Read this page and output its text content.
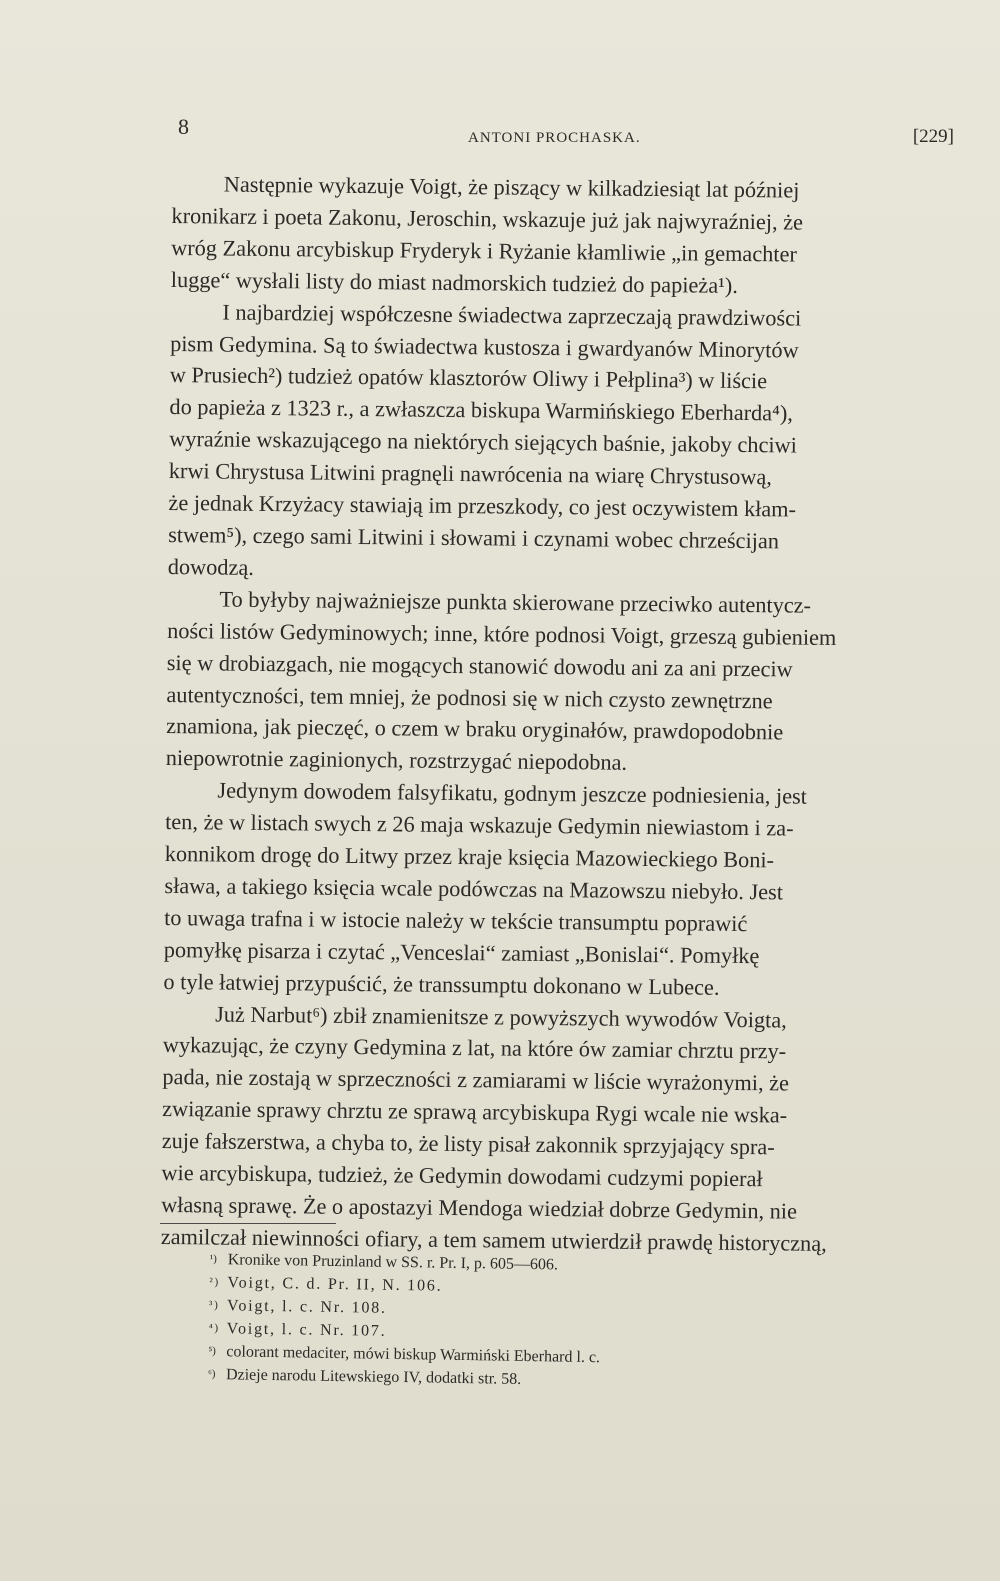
8	ANTONI PROCHASKA.	[229]

Następnie wykazuje Voigt, że piszący w kilkadziesiąt lat później
kronikarz i poeta Zakonu, Jeroschin, wskazuje już jak najwyraźniej, że
wróg Zakonu arcybiskup Fryderyk i Ryżanie kłamliwie „in gemachter
lugge“ wysłali listy do miast nadmorskich tudzież do papieża¹).

I najbardziej współczesne świadectwa zaprzeczają prawdziwości
pism Gedymina. Są to świadectwa kustosza i gwardyanów Minorytów
w Prusiech²) tudzież opatów klasztorów Oliwy i Pełplina³) w liście
do papieża z 1323 r., a zwłaszcza biskupa Warmińskiego Eberharda⁴),
wyraźnie wskazującego na niektórych siejących baśnie, jakoby chciwi
krwi Chrystusa Litwini pragnęli nawrócenia na wiarę Chrystusową,
że jednak Krzyżacy stawiają im przeszkody, co jest oczywistem kłam-
stwem⁵), czego sami Litwini i słowami i czynami wobec chrześcijan
dowodzą.

To byłyby najważniejsze punkta skierowane przeciwko autentycz-
ności listów Gedyminowych; inne, które podnosi Voigt, grzeszą gubieniem
się w drobiazgach, nie mogących stanowić dowodu ani za ani przeciw
autentyczności, tem mniej, że podnosi się w nich czysto zewnętrzne
znamiona, jak pieczęć, o czem w braku oryginałów, prawdopodobnie
niepowrotnie zaginionych, rozstrzygać niepodobna.

Jedynym dowodem falsyfikatu, godnym jeszcze podniesienia, jest
ten, że w listach swych z 26 maja wskazuje Gedymin niewiastom i za-
konnikom drogę do Litwy przez kraje księcia Mazowieckiego Boni-
sława, a takiego księcia wcale podówczas na Mazowszu niebyło. Jest
to uwaga trafna i w istocie należy w tekście transumptu poprawić
pomyłkę pisarza i czytać „Venceslai“ zamiast „Bonislai“. Pomyłkę
o tyle łatwiej przypuścić, że transsumptu dokonano w Lubece.

Już Narbut⁶) zbił znamienitsze z powyższych wywodów Voigta,
wykazując, że czyny Gedymina z lat, na które ów zamiar chrztu przy-
pada, nie zostają w sprzeczności z zamiarami w liście wyrażonymi, że
związanie sprawy chrztu ze sprawą arcybiskupa Rygi wcale nie wska-
zuje fałszerstwa, a chyba to, że listy pisał zakonnik sprzyjający spra-
wie arcybiskupa, tudzież, że Gedymin dowodami cudzymi popierał
własną sprawę. Że o apostazyi Mendoga wiedział dobrze Gedymin, nie
zamilczał niewinności ofiary, a tem samem utwierdził prawdę historyczną,

¹) Kronike von Pruzinland w SS. r. Pr. I, p. 605—606.
²) Voigt, C. d. Pr. II, N. 106.
³) Voigt, l. c. Nr. 108.
⁴) Voigt, l. c. Nr. 107.
⁵) colorant medaciter, mówi biskup Warmiński Eberhard l. c.
⁶) Dzieje narodu Litewskiego IV, dodatki str. 58.
